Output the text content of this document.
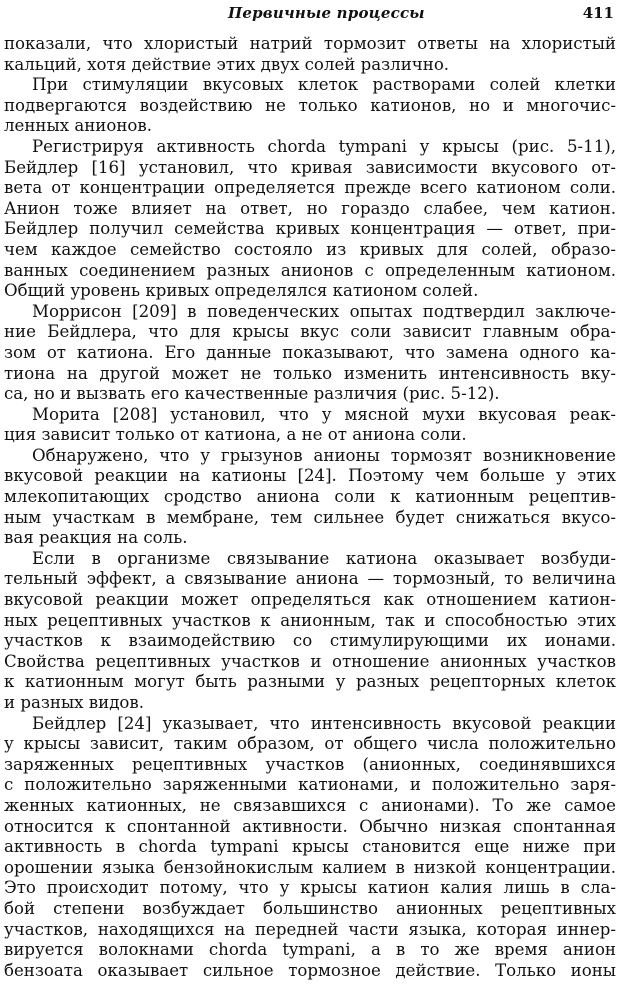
Первичные процессы	411
показали, что хлористый натрий тормозит ответы на хлористый
кальций, хотя действие этих двух солей различно.
При стимуляции вкусовых клеток растворами солей клетки
подвергаются воздействию не только катионов, но и многочис-
ленных анионов.
Регистрируя активность chorda tympani у крысы (рис. 5-11),
Бейдлер [16] установил, что кривая зависимости вкусового от-
вета от концентрации определяется прежде всего катионом соли.
Анион тоже влияет на ответ, но гораздо слабее, чем катион.
Бейдлер получил семейства кривых концентрация — ответ, при-
чем каждое семейство состояло из кривых для солей, образо-
ванных соединением разных анионов с определенным катионом.
Общий уровень кривых определялся катионом солей.
Моррисон [209] в поведенческих опытах подтвердил заключе-
ние Бейдлера, что для крысы вкус соли зависит главным обра-
зом от катиона. Его данные показывают, что замена одного ка-
тиона на другой может не только изменить интенсивность вку-
са, но и вызвать его качественные различия (рис. 5-12).
Морита [208] установил, что у мясной мухи вкусовая реак-
ция зависит только от катиона, а не от аниона соли.
Обнаружено, что у грызунов анионы тормозят возникновение
вкусовой реакции на катионы [24]. Поэтому чем больше у этих
млекопитающих сродство аниона соли к катионным рецептив-
ным участкам в мембране, тем сильнее будет снижаться вкусо-
вая реакция на соль.
Если в организме связывание катиона оказывает возбуди-
тельный эффект, а связывание аниона — тормозный, то величина
вкусовой реакции может определяться как отношением катион-
ных рецептивных участков к анионным, так и способностью этих
участков к взаимодействию со стимулирующими их ионами.
Свойства рецептивных участков и отношение анионных участков
к катионным могут быть разными у разных рецепторных клеток
и разных видов.
Бейдлер [24] указывает, что интенсивность вкусовой реакции
у крысы зависит, таким образом, от общего числа положительно
заряженных рецептивных участков (анионных, соединявшихся
с положительно заряженными катионами, и положительно заря-
женных катионных, не связавшихся с анионами). То же самое
относится к спонтанной активности. Обычно низкая спонтанная
активность в chorda tympani крысы становится еще ниже при
орошении языка бензойнокислым калием в низкой концентрации.
Это происходит потому, что у крысы катион калия лишь в сла-
бой степени возбуждает большинство анионных рецептивных
участков, находящихся на передней части языка, которая иннер-
вируется волокнами chorda tympani, а в то же время анион
бензоата оказывает сильное тормозное действие. Только ионы
